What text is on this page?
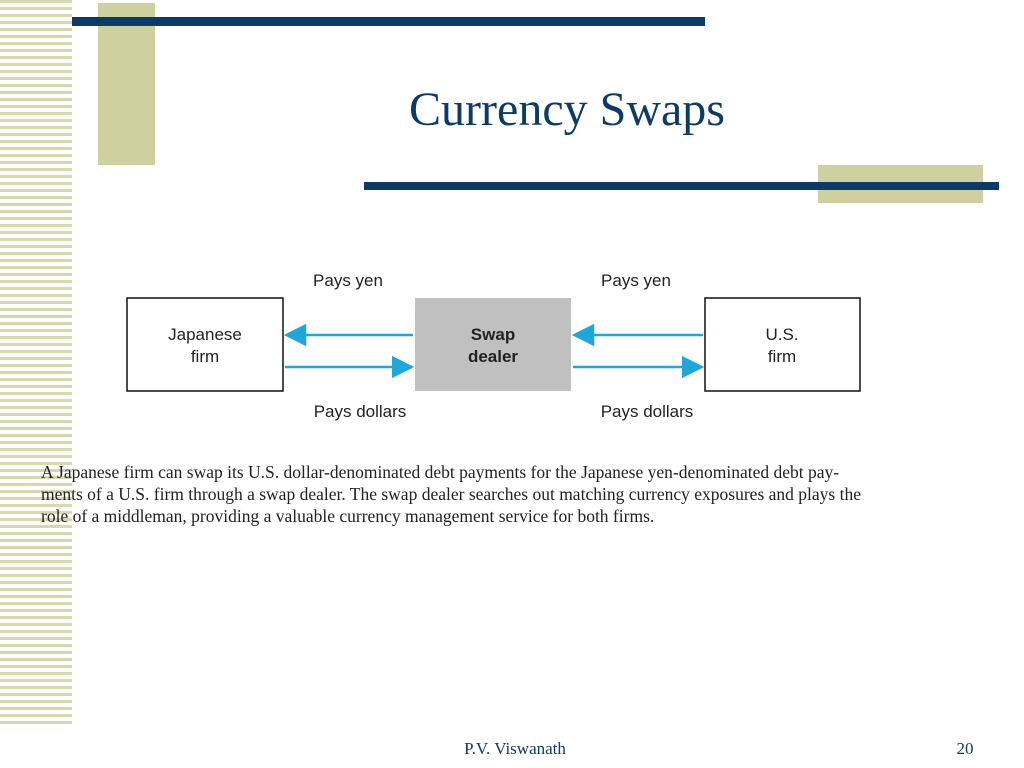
Currency Swaps
Japanese
firm
Swap
dealer
U.S.
firm
Pays yen	Pays yen
Pays dollars	Pays dollars
A Japanese firm can swap its U.S. dollar-denominated debt payments for the Japanese yen-denominated debt pay-
ments of a U.S. firm through a swap dealer. The swap dealer searches out matching currency exposures and plays the
role of a middleman, providing a valuable currency management service for both firms.
P.V. Viswanath	20
